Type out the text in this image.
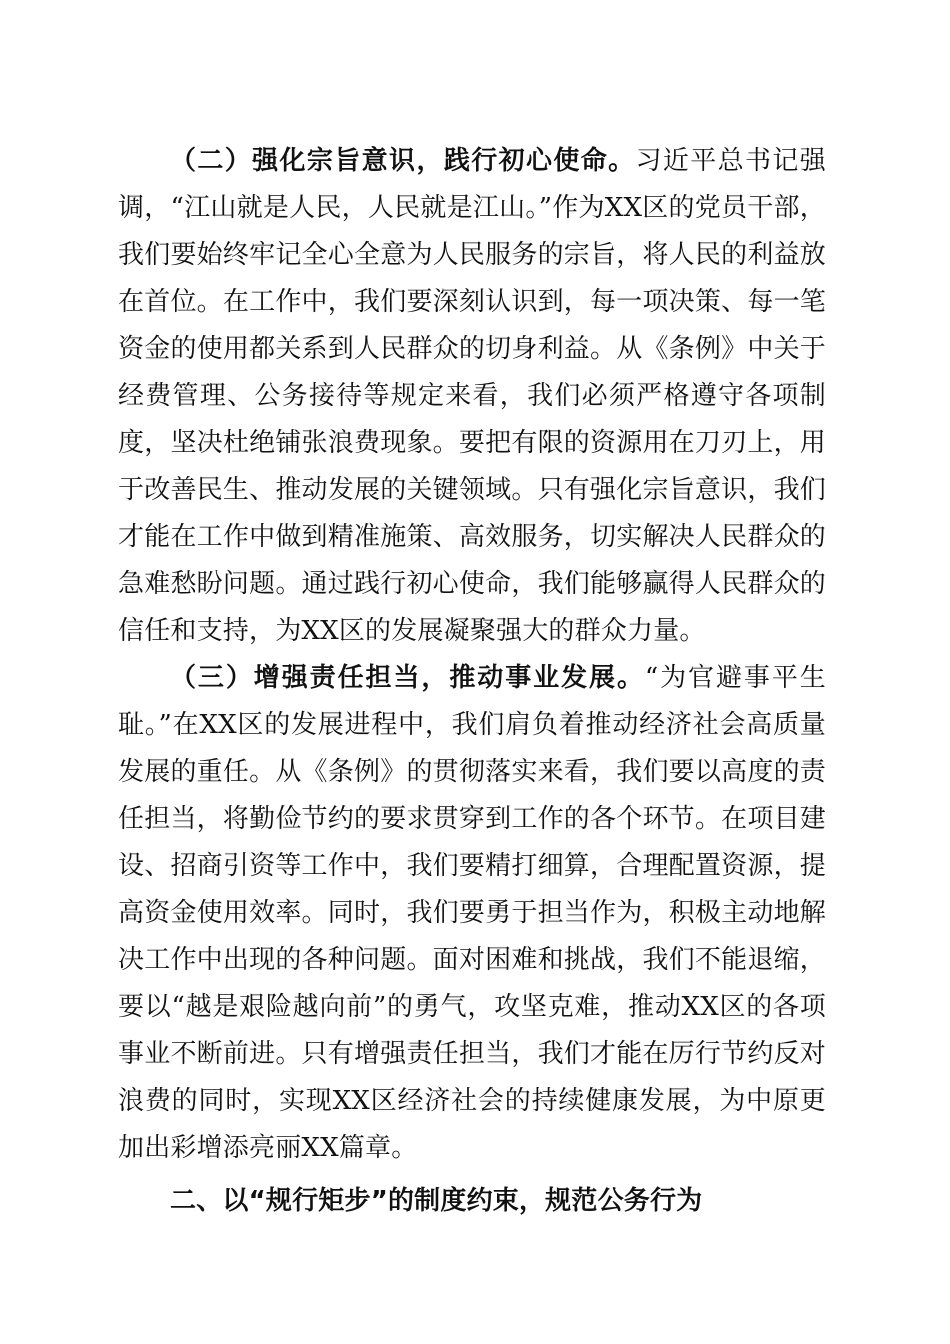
（二）强化宗旨意识，践行初心使命。习近平总书记强调，“江山就是人民，人民就是江山。”作为XX区的党员干部，我们要始终牢记全心全意为人民服务的宗旨，将人民的利益放在首位。在工作中，我们要深刻认识到，每一项决策、每一笔资金的使用都关系到人民群众的切身利益。从《条例》中关于经费管理、公务接待等规定来看，我们必须严格遵守各项制度，坚决杜绝铺张浪费现象。要把有限的资源用在刀刃上，用于改善民生、推动发展的关键领域。只有强化宗旨意识，我们才能在工作中做到精准施策、高效服务，切实解决人民群众的急难愁盼问题。通过践行初心使命，我们能够赢得人民群众的信任和支持，为XX区的发展凝聚强大的群众力量。

（三）增强责任担当，推动事业发展。“为官避事平生耻。”在XX区的发展进程中，我们肩负着推动经济社会高质量发展的重任。从《条例》的贯彻落实来看，我们要以高度的责任担当，将勤俭节约的要求贯穿到工作的各个环节。在项目建设、招商引资等工作中，我们要精打细算，合理配置资源，提高资金使用效率。同时，我们要勇于担当作为，积极主动地解决工作中出现的各种问题。面对困难和挑战，我们不能退缩，要以“越是艰险越向前”的勇气，攻坚克难，推动XX区的各项事业不断前进。只有增强责任担当，我们才能在厉行节约反对浪费的同时，实现XX区经济社会的持续健康发展，为中原更加出彩增添亮丽XX篇章。

二、以“规行矩步”的制度约束，规范公务行为
